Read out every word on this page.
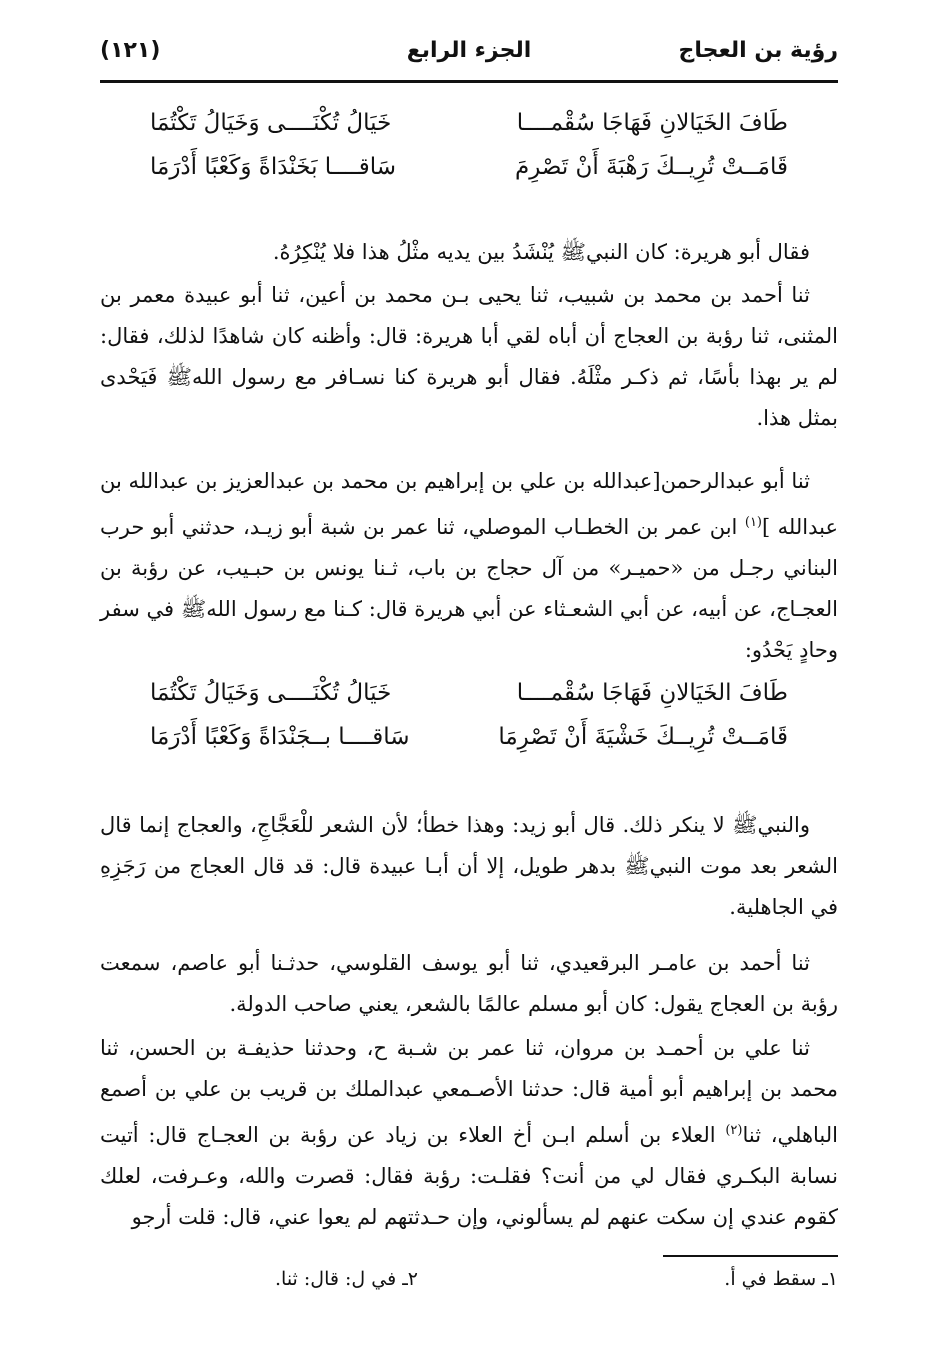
رؤية بن العجاج
الجزء الرابع
(١٢١)
طَافَ الخَيَالانِ فَهَاجَا سُقْمــــا
خَيَالُ تُكْنَــــى وَخَيَالُ تَكْتُمَا
قَامَــتْ تُرِيــكَ رَهْبَةَ أَنْ تَصْرِمَ
سَاقــــا بَخَنْدَاةً وَكَعْبًا أَدْرَمَا

فقال أبو هريرة: كان النبيﷺ يُنْشَدُ بين يديه مثْلُ هذا فلا يُنْكِرُهُ.

ثنا أحمد بن محمد بن شبيب، ثنا يحيى بـن محمد بن أعين، ثنا أبو عبيدة معمر بن المثنى، ثنا رؤبة بن العجاج أن أباه لقي أبا هريرة: قال: وأظنه كان شاهدًا لذلك، فقال: لم ير بهذا بأسًا، ثم ذكـر مثْلَهُ. فقال أبو هريرة كنا نسـافر مع رسول اللهﷺ فَيَحْدى بمثل هذا.

ثنا أبو عبدالرحمن[عبدالله بن علي بن إبراهيم بن محمد بن عبدالعزيز بن عبدالله بن عبدالله ]$^{(١)}$ ابن عمر بن الخطـاب الموصلي، ثنا عمر بن شبة أبو زيـد، حدثني أبو حرب البناني رجـل من «حميـر» من آل حجاج بن باب، ثـنا يونس بن حبـيب، عن رؤبة بن العجـاج، عن أبيه، عن أبي الشعـثاء عن أبي هريرة قال: كـنا مع رسول اللهﷺ في سفر وحادٍ يَحْدُو:

طَافَ الخَيَالانِ فَهَاجَا سُقْمــــا
خَيَالُ تُكْنَــــى وَخَيَالُ تَكْتُمَا
قَامَــتْ تُرِيــكَ خَشْيَةَ أَنْ تَصْرِمَا
سَاقــــا بــجَنْدَاةً وَكَعْبًا أَدْرَمَا

والنبيﷺ لا ينكر ذلك. قال أبو زيد: وهذا خطأ؛ لأن الشعر للْعَجَّاجِ، والعجاج إنما قال الشعر بعد موت النبيﷺ بدهر طويل، إلا أن أبـا عبيدة قال: قد قال العجاج من رَجَزِهِ في الجاهلية.

ثنا أحمد بن عامـر البرقعيدي، ثنا أبو يوسف القلوسي، حدثـنا أبو عاصم، سمعت رؤبة بن العجاج يقول: كان أبو مسلم عالمًا بالشعر، يعني صاحب الدولة.

ثنا علي بن أحمـد بن مروان، ثنا عمر بن شـبة ح، وحدثنا حذيفـة بن الحسن، ثنا محمد بن إبراهيم أبو أمية قال: حدثنا الأصـمعي عبدالملك بن قريب بن علي بن أصمع الباهلي، ثنا$^{(٢)}$ العلاء بن أسلم ابـن أخ العلاء بن زياد عن رؤبة بن العجـاج قال: أتيت نسابة البكـري فقال لي من أنت؟ فقلـت: رؤبة فقال: قصرت والله، وعـرفت، لعلك كقوم عندي إن سكت عنهم لم يسألوني، وإن حـدثتهم لم يعوا عني، قال: قلت أرجو

١ـ سقط في أ.
٢ـ في ل: قال: ثنا.
